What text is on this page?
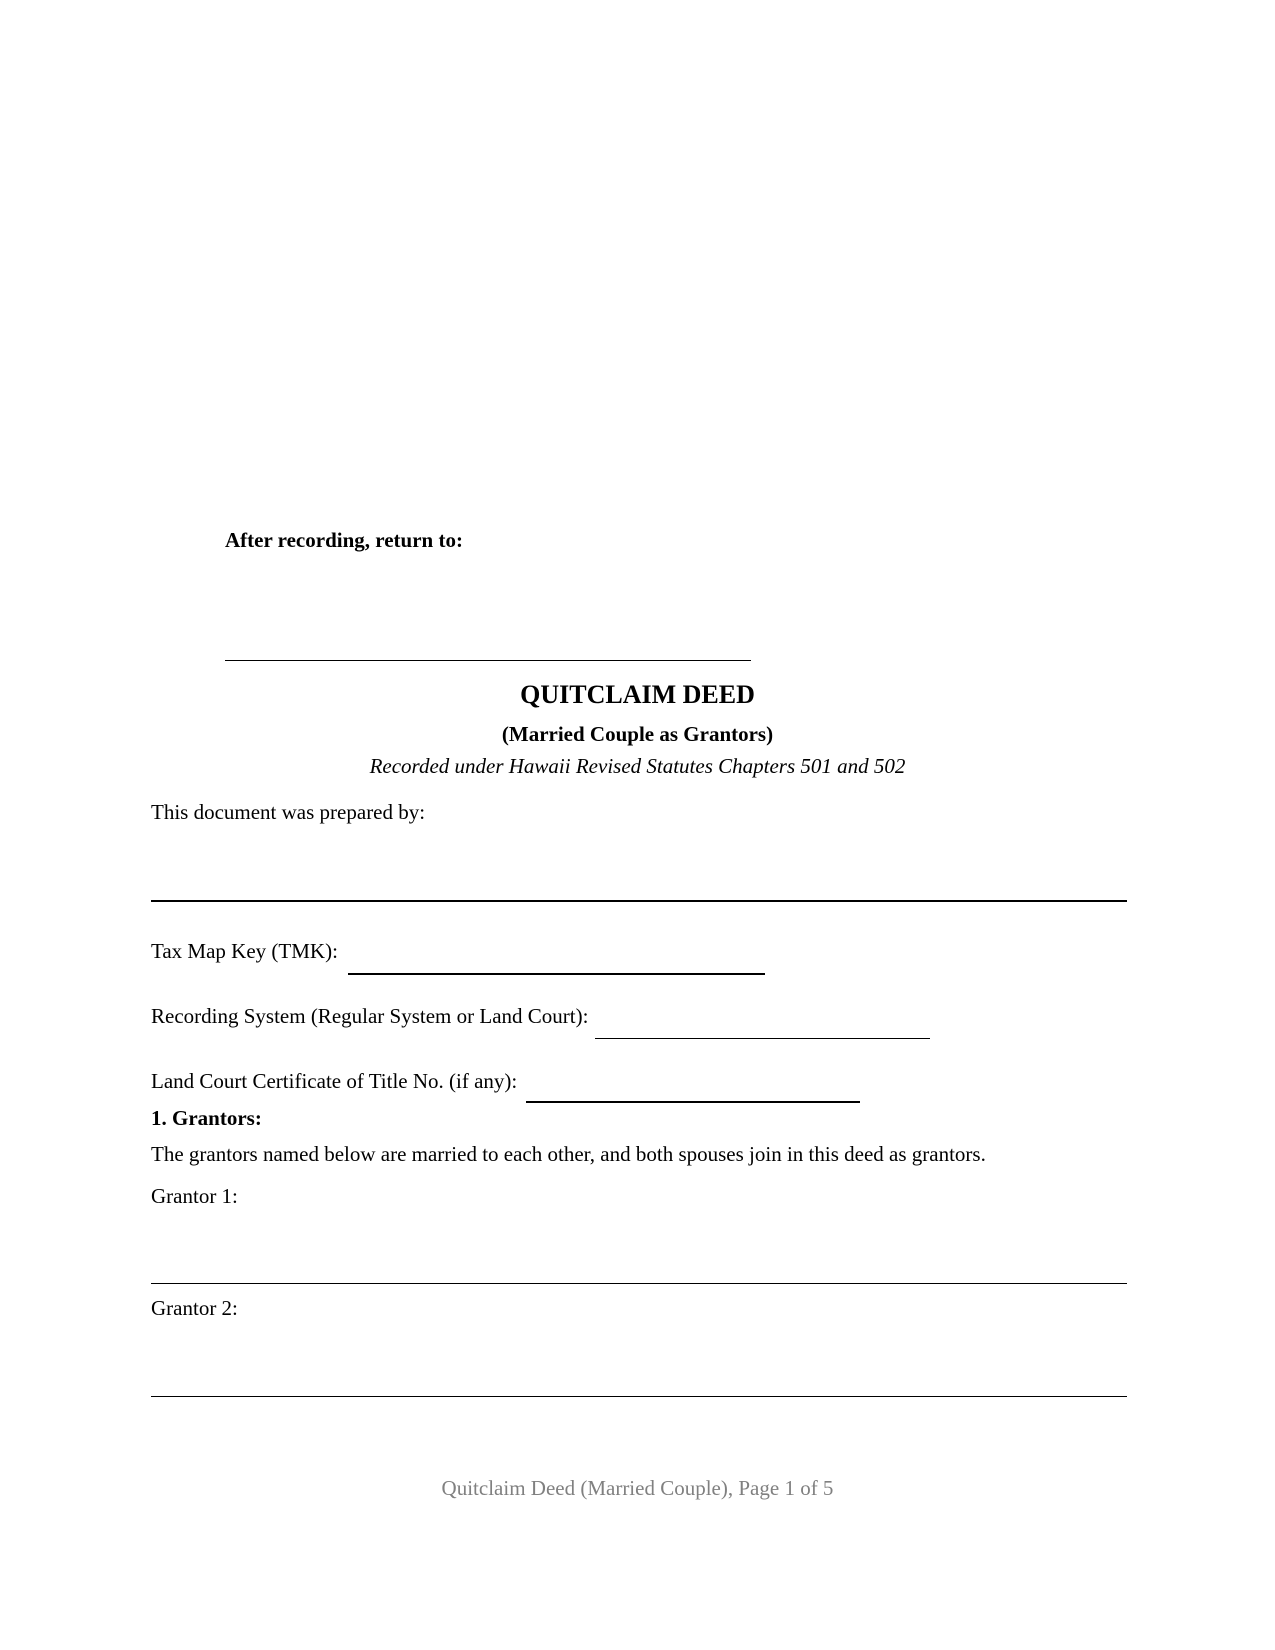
After recording, return to:
QUITCLAIM DEED
(Married Couple as Grantors)
Recorded under Hawaii Revised Statutes Chapters 501 and 502
This document was prepared by:
Tax Map Key (TMK):
Recording System (Regular System or Land Court):
Land Court Certificate of Title No. (if any):
1. Grantors:
The grantors named below are married to each other, and both spouses join in this deed as grantors.
Grantor 1:
Grantor 2:
Quitclaim Deed (Married Couple), Page 1 of 5
